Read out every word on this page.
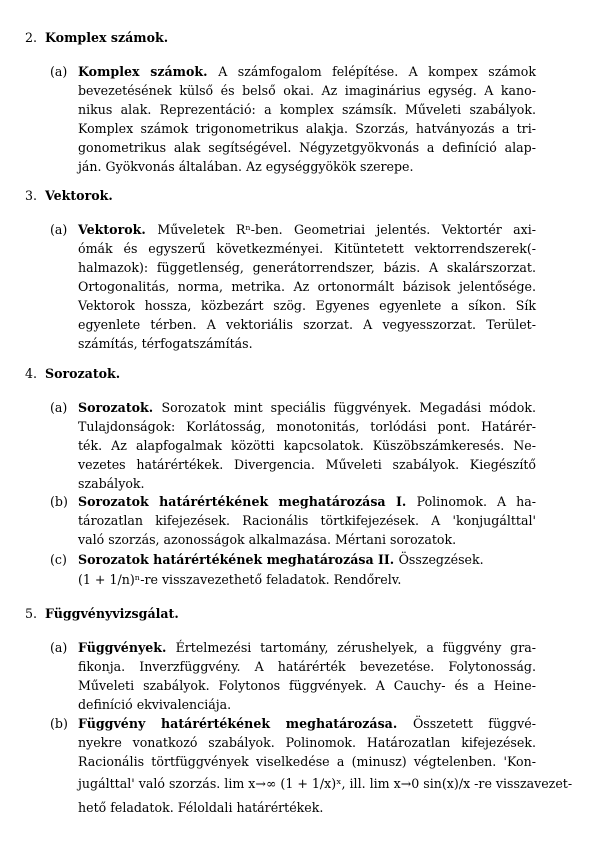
2. Komplex számok.
(a) Komplex számok. A számfogalom felépítése. A kompex számok
bevezetésének külső és belső okai. Az imaginárius egység. A kano-
nikus alak. Reprezentáció: a komplex számsík. Műveleti szabályok.
Komplex számok trigonometrikus alakja. Szorzás, hatványozás a tri-
gonometrikus alak segítségével. Négyzetgyökvonás a definíció alap-
ján. Gyökvonás általában. Az egységgyökök szerepe.
3. Vektorok.
(a) Vektorok. Műveletek Rⁿ-ben. Geometriai jelentés. Vektortér axi-
ómák és egyszerű következményei. Kitüntetett vektorrendszerek(-
halmazok): függetlenség, generátorrendszer, bázis. A skalárszorzat.
Ortogonalitás, norma, metrika. Az ortonormált bázisok jelentősége.
Vektorok hossza, közbezárt szög. Egyenes egyenlete a síkon. Sík
egyenlete térben. A vektoriális szorzat. A vegyesszorzat. Terület-
számítás, térfogatszámítás.
4. Sorozatok.
(a) Sorozatok. Sorozatok mint speciális függvények. Megadási módok.
Tulajdonságok: Korlátosság, monotonitás, torlódási pont. Határér-
ték. Az alapfogalmak közötti kapcsolatok. Küszöbszámkeresés. Ne-
vezetes határértékek. Divergencia. Műveleti szabályok. Kiegészítő
szabályok.
(b) Sorozatok határértékének meghatározása I. Polinomok. A ha-
tározatlan kifejezések. Racionális törtkifejezések. A 'konjugálttal'
való szorzás, azonosságok alkalmazása. Mértani sorozatok.
(c) Sorozatok határértékének meghatározása II. Összegzések.
(1 + 1/n)ⁿ-re visszavezethető feladatok. Rendőrelv.
5. Függvényvizsgálat.
(a) Függvények. Értelmezési tartomány, zérushelyek, a függvény gra-
fikonja. Inverzfüggvény. A határérték bevezetése. Folytonosság.
Műveleti szabályok. Folytonos függvények. A Cauchy- és a Heine-
definíció ekvivalenciája.
(b) Függvény határértékének meghatározása. Összetett függvé-
nyekre vonatkozó szabályok. Polinomok. Határozatlan kifejezések.
Racionális törtfüggvények viselkedése a (minusz) végtelenben. 'Kon-
jugálttal' való szorzás. lim x→∞ (1 + 1/x)ˣ, ill. lim x→0 sin(x)/x -re visszavezet-
hető feladatok. Féloldali határértékek.
